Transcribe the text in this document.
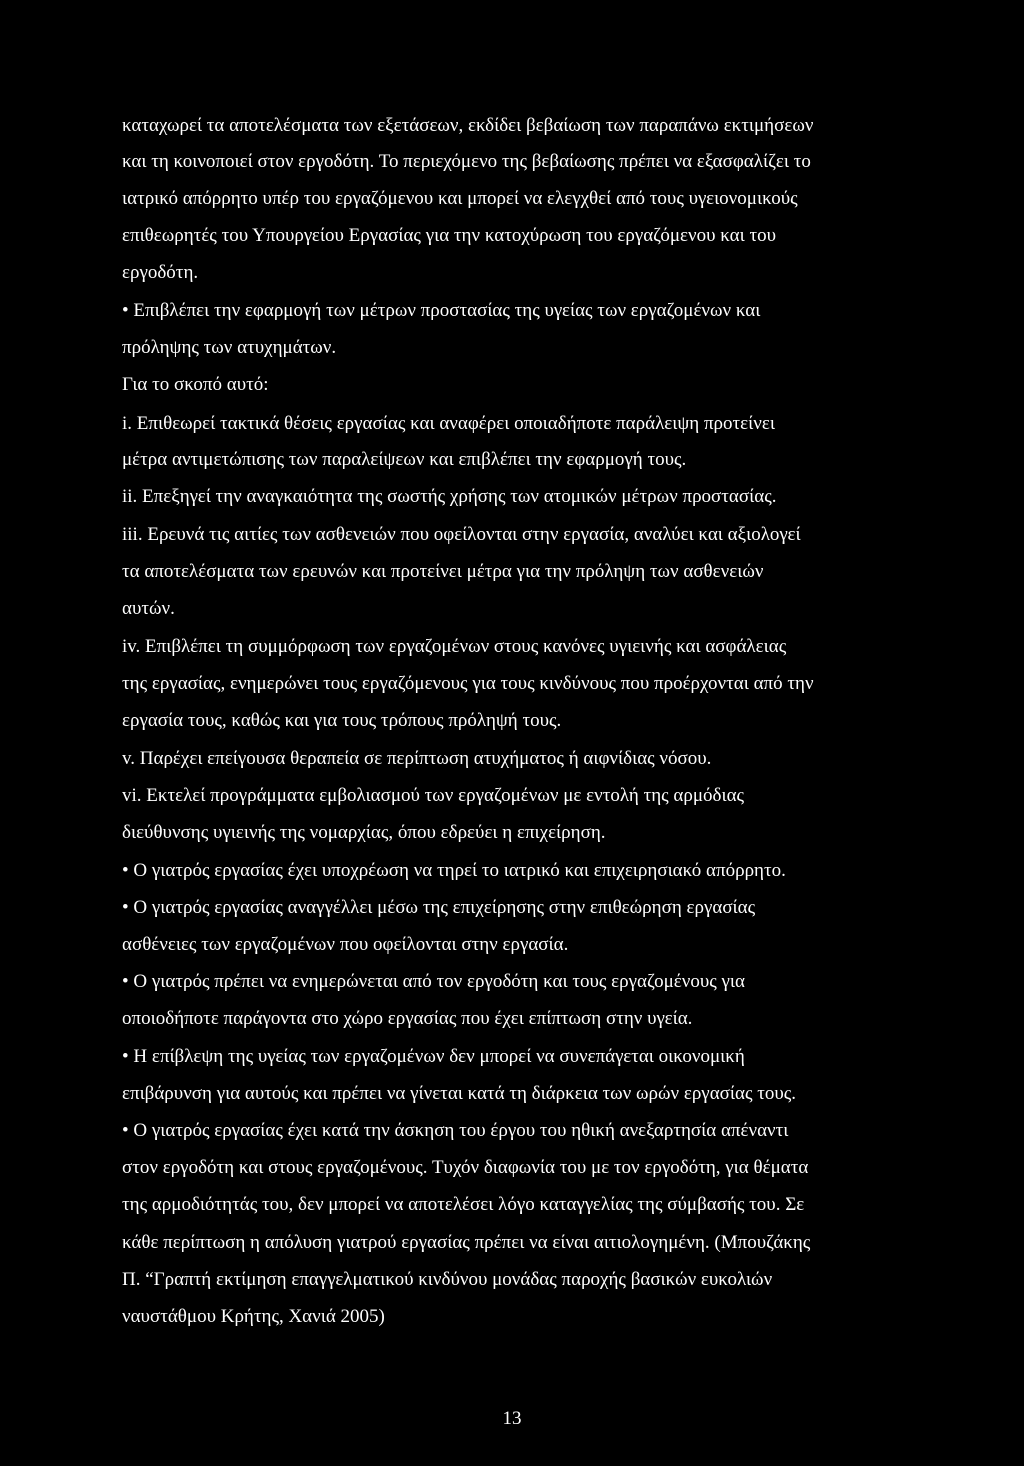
καταχωρεί τα αποτελέσματα των εξετάσεων, εκδίδει βεβαίωση των παραπάνω εκτιμήσεων
και τη κοινοποιεί στον εργοδότη. Το περιεχόμενο της βεβαίωσης πρέπει να εξασφαλίζει το
ιατρικό απόρρητο υπέρ του εργαζόμενου και μπορεί να ελεγχθεί από τους υγειονομικούς
επιθεωρητές του Υπουργείου Εργασίας για την κατοχύρωση του εργαζόμενου και του
εργοδότη.
• Επιβλέπει την εφαρμογή των μέτρων προστασίας της υγείας των εργαζομένων και
πρόληψης των ατυχημάτων.
Για το σκοπό αυτό:
i. Επιθεωρεί τακτικά θέσεις εργασίας και αναφέρει οποιαδήποτε παράλειψη προτείνει
μέτρα αντιμετώπισης των παραλείψεων και επιβλέπει την εφαρμογή τους.
ii. Επεξηγεί την αναγκαιότητα της σωστής χρήσης των ατομικών μέτρων προστασίας.
iii. Ερευνά τις αιτίες των ασθενειών που οφείλονται στην εργασία, αναλύει και αξιολογεί
τα αποτελέσματα των ερευνών και προτείνει μέτρα για την πρόληψη των ασθενειών
αυτών.
iv. Επιβλέπει τη συμμόρφωση των εργαζομένων στους κανόνες υγιεινής και ασφάλειας
της εργασίας, ενημερώνει τους εργαζόμενους για τους κινδύνους που προέρχονται από την
εργασία τους, καθώς και για τους τρόπους πρόληψή τους.
v. Παρέχει επείγουσα θεραπεία σε περίπτωση ατυχήματος ή αιφνίδιας νόσου.
vi. Εκτελεί προγράμματα εμβολιασμού των εργαζομένων με εντολή της αρμόδιας
διεύθυνσης υγιεινής της νομαρχίας, όπου εδρεύει η επιχείρηση.
• Ο γιατρός εργασίας έχει υποχρέωση να τηρεί το ιατρικό και επιχειρησιακό απόρρητο.
• Ο γιατρός εργασίας αναγγέλλει μέσω της επιχείρησης στην επιθεώρηση εργασίας
ασθένειες των εργαζομένων που οφείλονται στην εργασία.
• Ο γιατρός πρέπει να ενημερώνεται από τον εργοδότη και τους εργαζομένους για
οποιοδήποτε παράγοντα στο χώρο εργασίας που έχει επίπτωση στην υγεία.
• Η επίβλεψη της υγείας των εργαζομένων δεν μπορεί να συνεπάγεται οικονομική
επιβάρυνση για αυτούς και πρέπει να γίνεται κατά τη διάρκεια των ωρών εργασίας τους.
• Ο γιατρός εργασίας έχει κατά την άσκηση του έργου του ηθική ανεξαρτησία απέναντι
στον εργοδότη και στους εργαζομένους. Τυχόν διαφωνία του με τον εργοδότη, για θέματα
της αρμοδιότητάς του, δεν μπορεί να αποτελέσει λόγο καταγγελίας της σύμβασής του. Σε
κάθε περίπτωση η απόλυση γιατρού εργασίας πρέπει να είναι αιτιολογημένη. (Μπουζάκης
Π. “Γραπτή εκτίμηση επαγγελματικού κινδύνου μονάδας παροχής βασικών ευκολιών
ναυστάθμου Κρήτης, Χανιά 2005)
13
